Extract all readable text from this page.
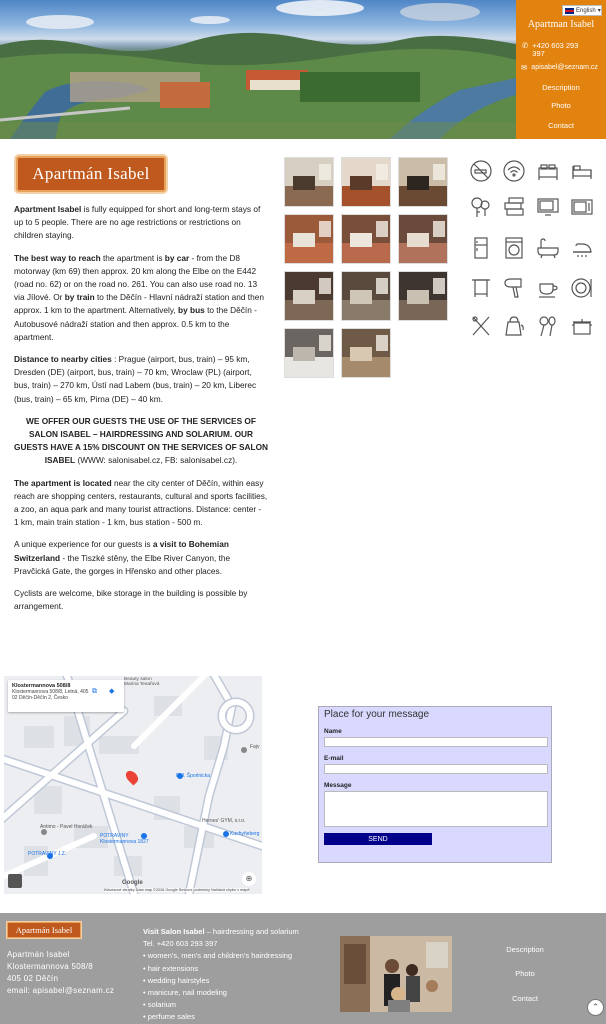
English ▾
Apartman Isabel
✆ +420 603 293 397
✉ apisabel@seznam.cz
Description
Photo
Contact
Apartmán Isabel

Apartment Isabel is fully equipped for short and long-term stays of up to 5 people. There are no age restrictions or restrictions on children staying.

The best way to reach the apartment is by car - from the D8 motorway (km 69) then approx. 20 km along the Elbe on the E442 (road no. 62) or on the road no. 261. You can also use road no. 13 via Jílové. Or by train to the Děčín - Hlavní nádraží station and then approx. 1 km to the apartment. Alternatively, by bus to the Děčín - Autobusové nádraží station and then approx. 0.5 km to the apartment.

Distance to nearby cities : Prague (airport, bus, train) – 95 km, Dresden (DE) (airport, bus, train) – 70 km, Wroclaw (PL) (airport, bus, train) – 270 km, Ústí nad Labem (bus, train) – 20 km, Liberec (bus, train) – 65 km, Pirna (DE) – 40 km.

WE OFFER OUR GUESTS THE USE OF THE SERVICES OF SALON ISABEL – HAIRDRESSING AND SOLARIUM. OUR GUESTS HAVE A 15% DISCOUNT ON THE SERVICES OF SALON ISABEL (WWW: salonisabel.cz, FB: salonisabel.cz).

The apartment is located near the city center of Děčín, within easy reach are shopping centers, restaurants, cultural and sports facilities, a zoo, an aqua park and many tourist attractions. Distance: center - 1 km, main train station - 1 km, bus station - 500 m.

A unique experience for our guests is a visit to Bohemian Switzerland - the Tiszké stěny, the Elbe River Canyon, the Pravčická Gate, the gorges in Hřensko and other places.

Cyclists are welcome, bike storage in the building is possible by arrangement.

Klostermannova 508/8
Klostermannova 508/8, Letná, 405 02 Děčín-Děčín 2, Česko
⧉ ◆
Beauty salon Marina Tesařová
P. J. Šporlnicka
Heroes' GYM, s.r.o.
Kuchyňeberg
POTRAVINY Klostermannova 1827
Antimo - Pavel Horáček
POTRAVINY J.Z.
Fajv
⊕
Google
Klávesové zkratky Data map ©2026 Google Smluvní podmínky Nahlásit chybu v mapě
Place for your message
Name
E-mail
Message
SEND
Apartmán Isabel
Apartmán Isabel
Klostermannova 508/8
405 02 Děčín
email: apisabel@seznam.cz
Visit Salon Isabel – hairdressing and solarium
Tel. +420 603 293 397
• women's, men's and children's hairdressing
• hair extensions
• wedding hairstyles
• manicure, nail modeling
• solarium
• perfume sales
Description
Photo
Contact
⌃
